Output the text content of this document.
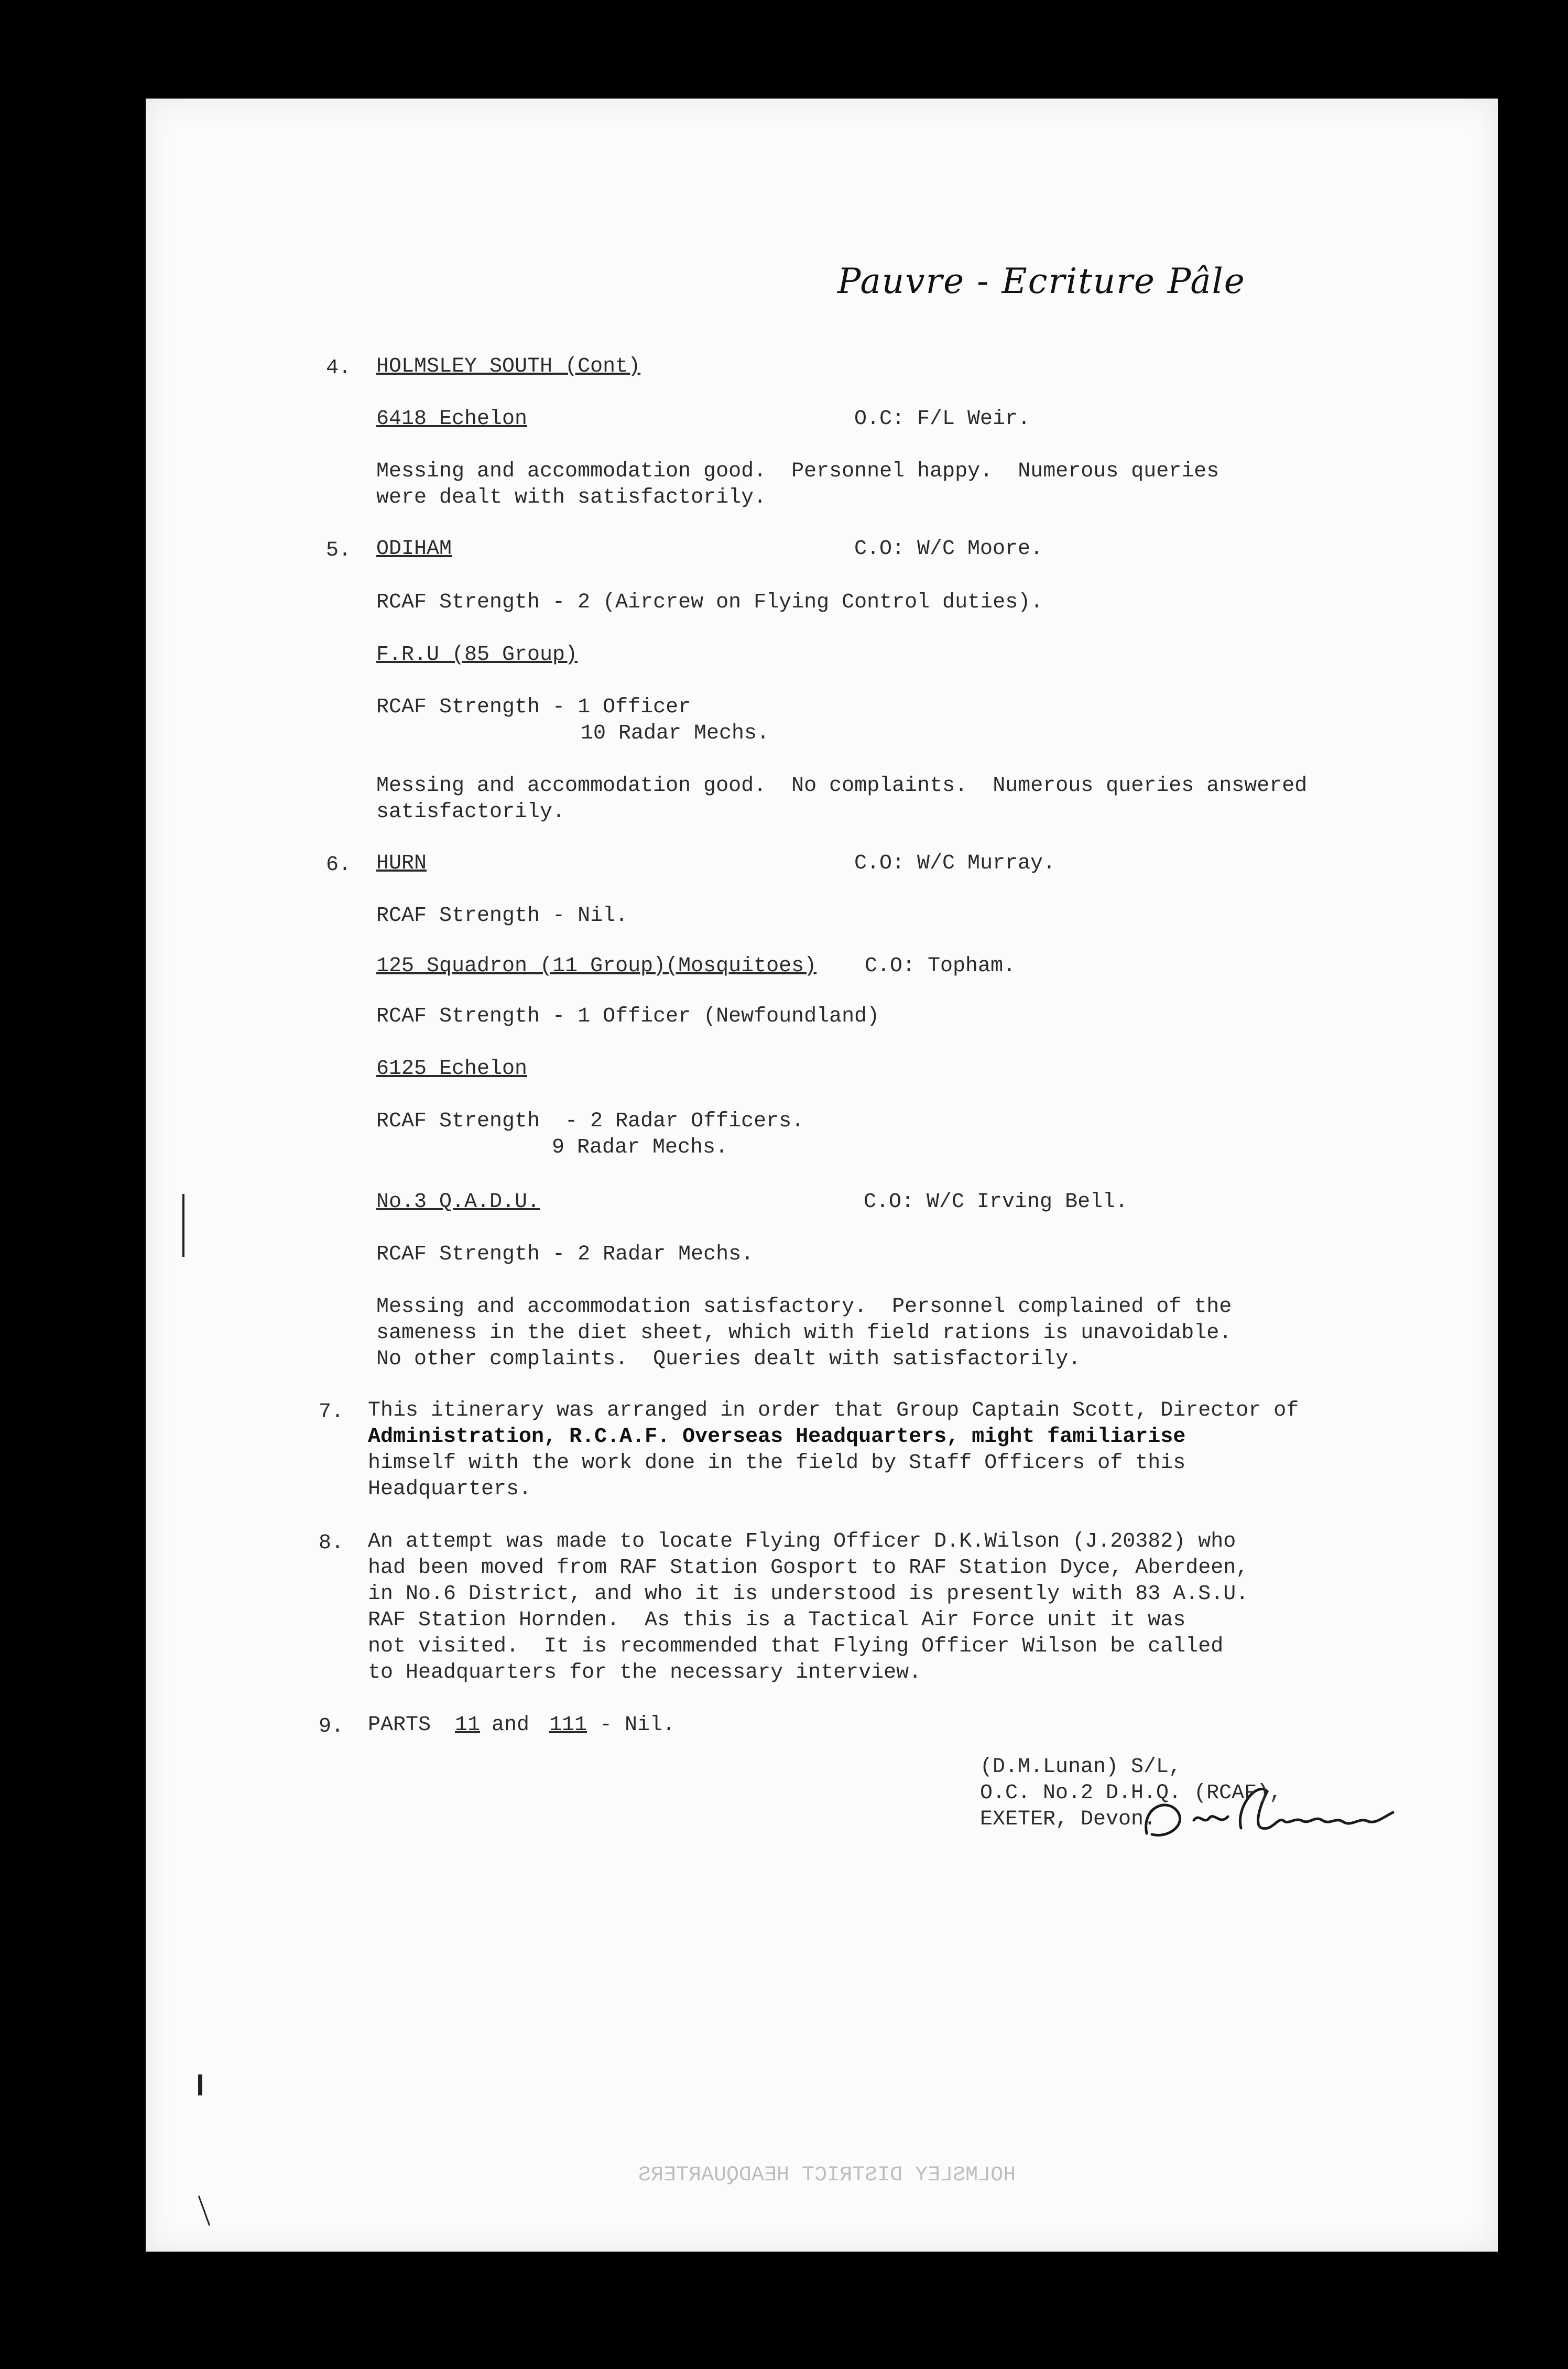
Pauvre - Ecriture Pâle
4. HOLMSLEY SOUTH (Cont)
6418 Echelon	O.C: F/L Weir.
Messing and accommodation good.  Personnel happy.  Numerous queries
were dealt with satisfactorily.
5. ODIHAM	C.O: W/C Moore.
RCAF Strength - 2 (Aircrew on Flying Control duties).
F.R.U (85 Group)
RCAF Strength - 1 Officer
10 Radar Mechs.
Messing and accommodation good.  No complaints.  Numerous queries answered
satisfactorily.
6. HURN	C.O: W/C Murray.
RCAF Strength - Nil.
125 Squadron (11 Group)(Mosquitoes) C.O: Topham.
RCAF Strength - 1 Officer (Newfoundland)
6125 Echelon
RCAF Strength  - 2 Radar Officers.
9 Radar Mechs.
No.3 Q.A.D.U.	C.O: W/C Irving Bell.
RCAF Strength - 2 Radar Mechs.
Messing and accommodation satisfactory.  Personnel complained of the
sameness in the diet sheet, which with field rations is unavoidable.
No other complaints.  Queries dealt with satisfactorily.
7. This itinerary was arranged in order that Group Captain Scott, Director of
Administration, R.C.A.F. Overseas Headquarters, might familiarise
himself with the work done in the field by Staff Officers of this
Headquarters.
8. An attempt was made to locate Flying Officer D.K.Wilson (J.20382) who
had been moved from RAF Station Gosport to RAF Station Dyce, Aberdeen,
in No.6 District, and who it is understood is presently with 83 A.S.U.
RAF Station Hornden.  As this is a Tactical Air Force unit it was
not visited.  It is recommended that Flying Officer Wilson be called
to Headquarters for the necessary interview.
9. PARTS 11 and 111 - Nil.
(D.M.Lunan) S/L,
O.C. No.2 D.H.Q. (RCAF),
EXETER, Devon.
HOLMSLEY DISTRICT HEADQUARTERS
